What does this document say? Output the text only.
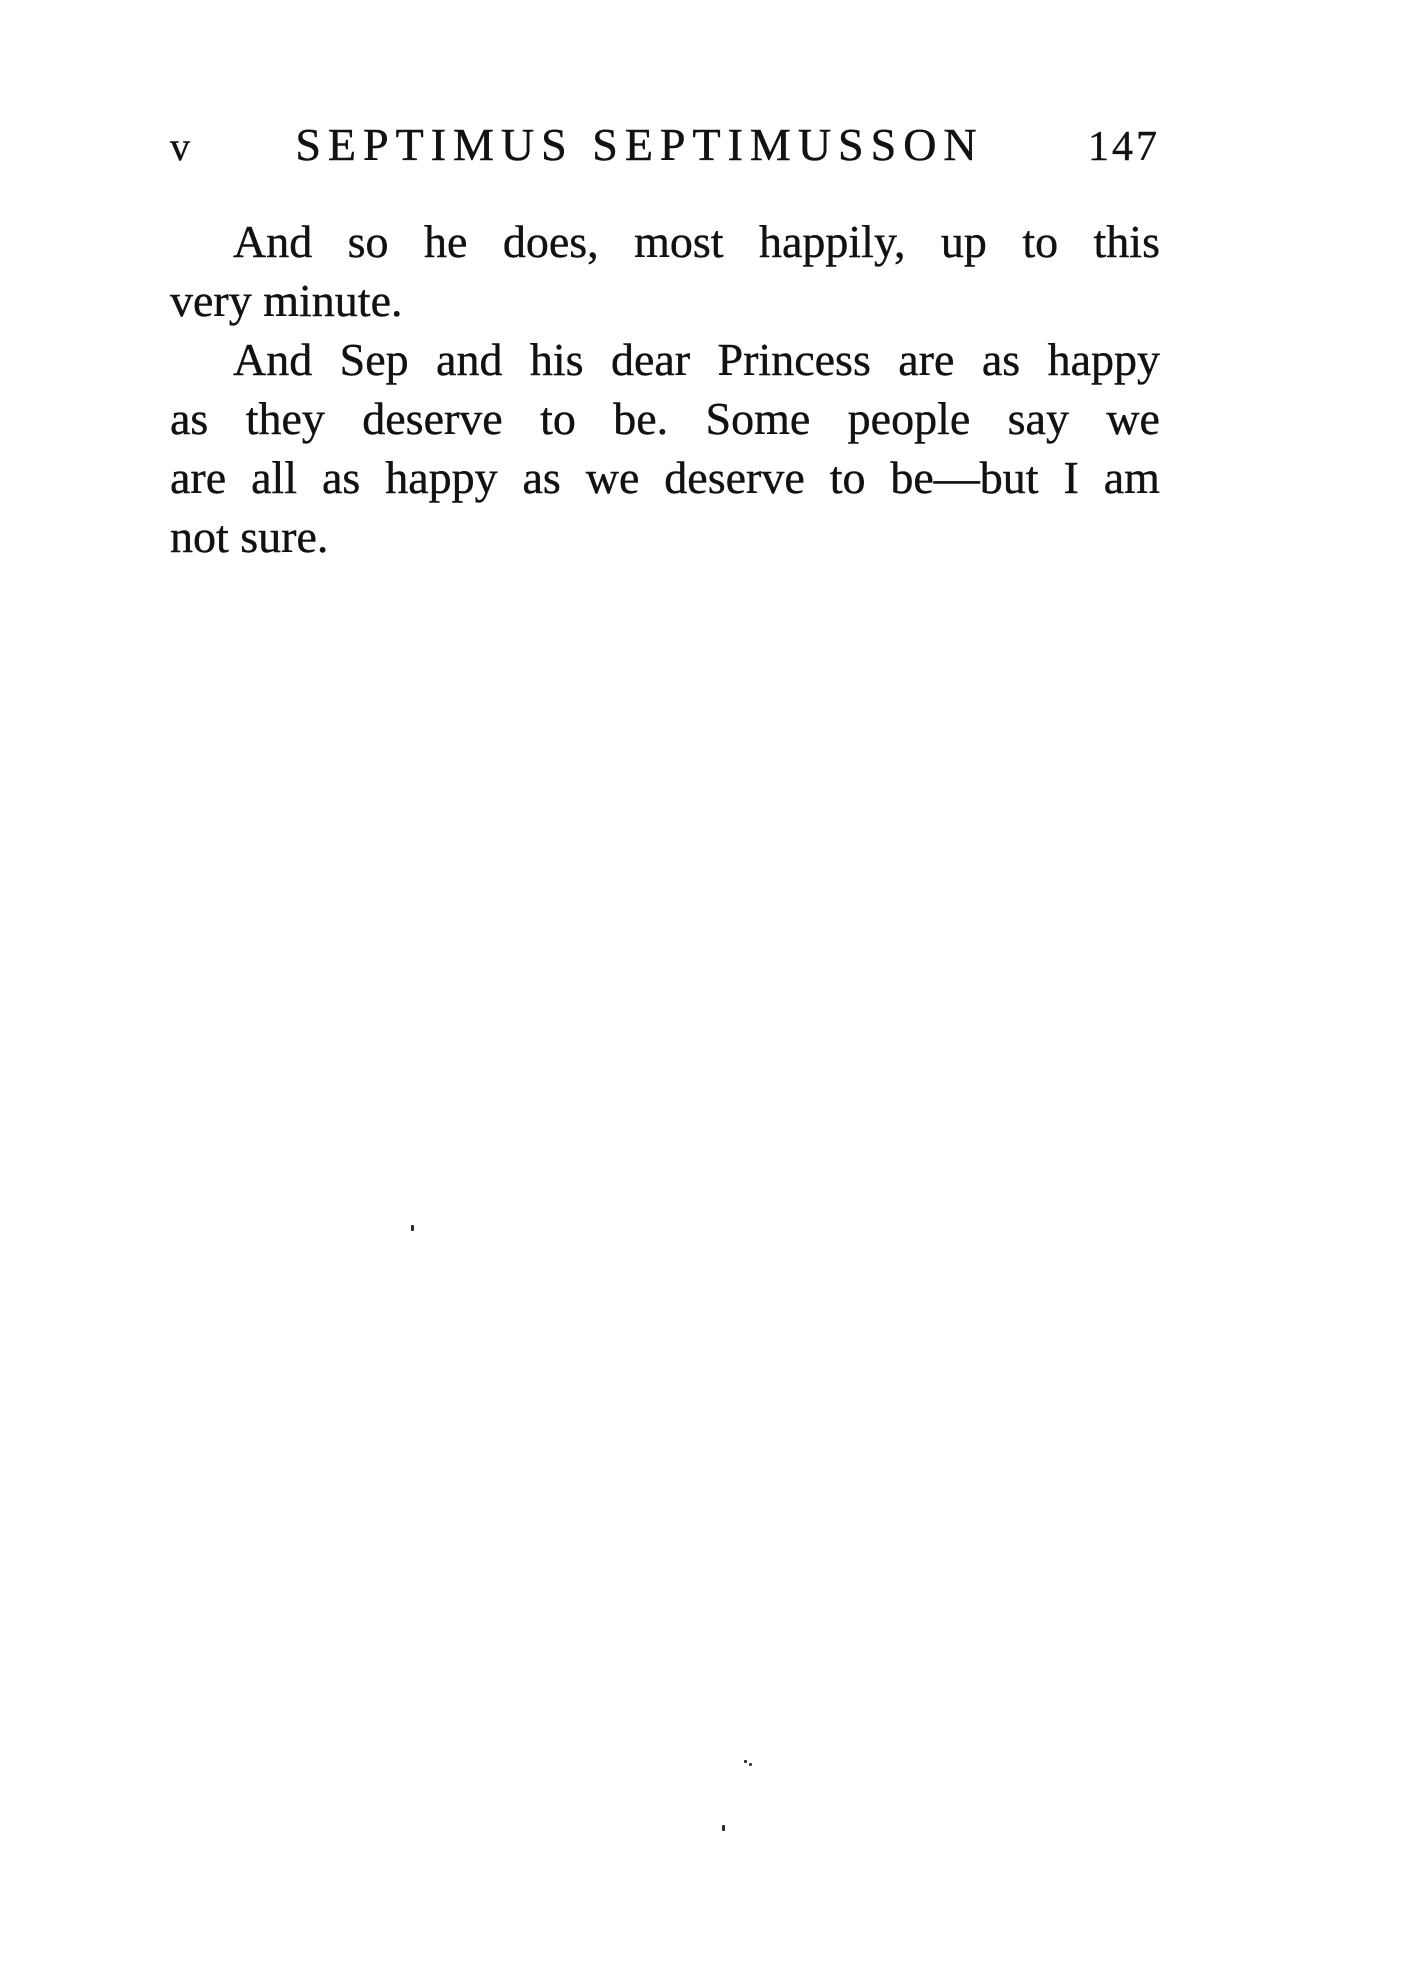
v SEPTIMUS SEPTIMUSSON 147
And so he does, most happily, up to this
very minute.
And Sep and his dear Princess are as happy
as they deserve to be. Some people say we
are all as happy as we deserve to be—but I am
not sure.
